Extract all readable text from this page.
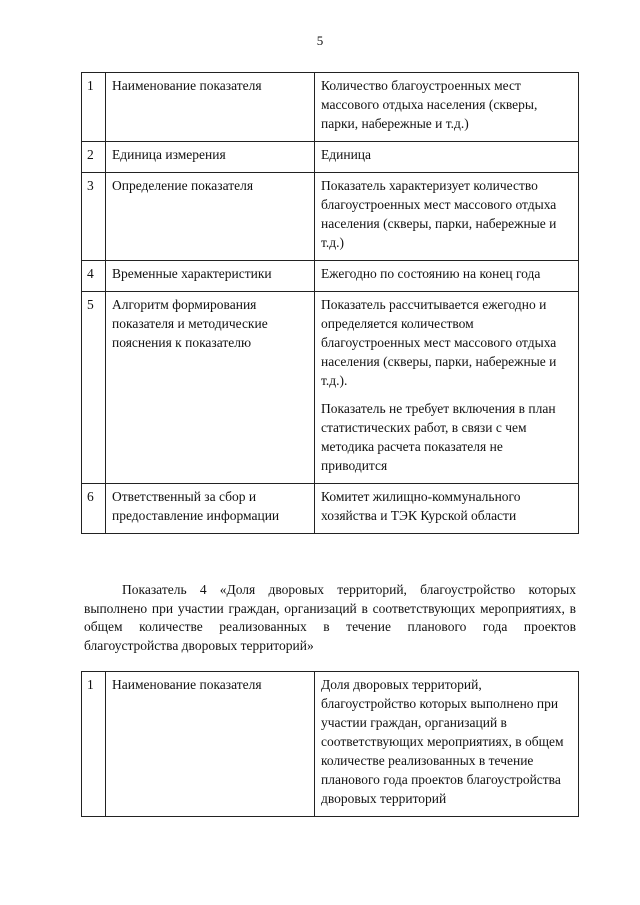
5
1	Наименование показателя	Количество благоустроенных мест массового отдыха населения (скверы, парки, набережные и т.д.)

2	Единица измерения	Единица

3	Определение показателя	Показатель характеризует количество благоустроенных мест массового отдыха населения (скверы, парки, набережные и т.д.)

4	Временные характеристики	Ежегодно по состоянию на конец года

5	Алгоритм формирования показателя и методические пояснения к показателю	Показатель рассчитывается ежегодно и определяется количеством благоустроенных мест массового отдыха населения (скверы, парки, набережные и т.д.).

Показатель не требует включения в план статистических работ, в связи с чем методика расчета показателя не приводится

6	Ответственный за сбор и предоставление информации	Комитет жилищно-коммунального хозяйства и ТЭК Курской области

Показатель 4 «Доля дворовых территорий, благоустройство которых выполнено при участии граждан, организаций в соответствующих мероприятиях, в общем количестве реализованных в течение планового года проектов благоустройства дворовых территорий»
1	Наименование показателя	Доля дворовых территорий, благоустройство которых выполнено при участии граждан, организаций в соответствующих мероприятиях, в общем количестве реализованных в течение планового года проектов благоустройства дворовых территорий
